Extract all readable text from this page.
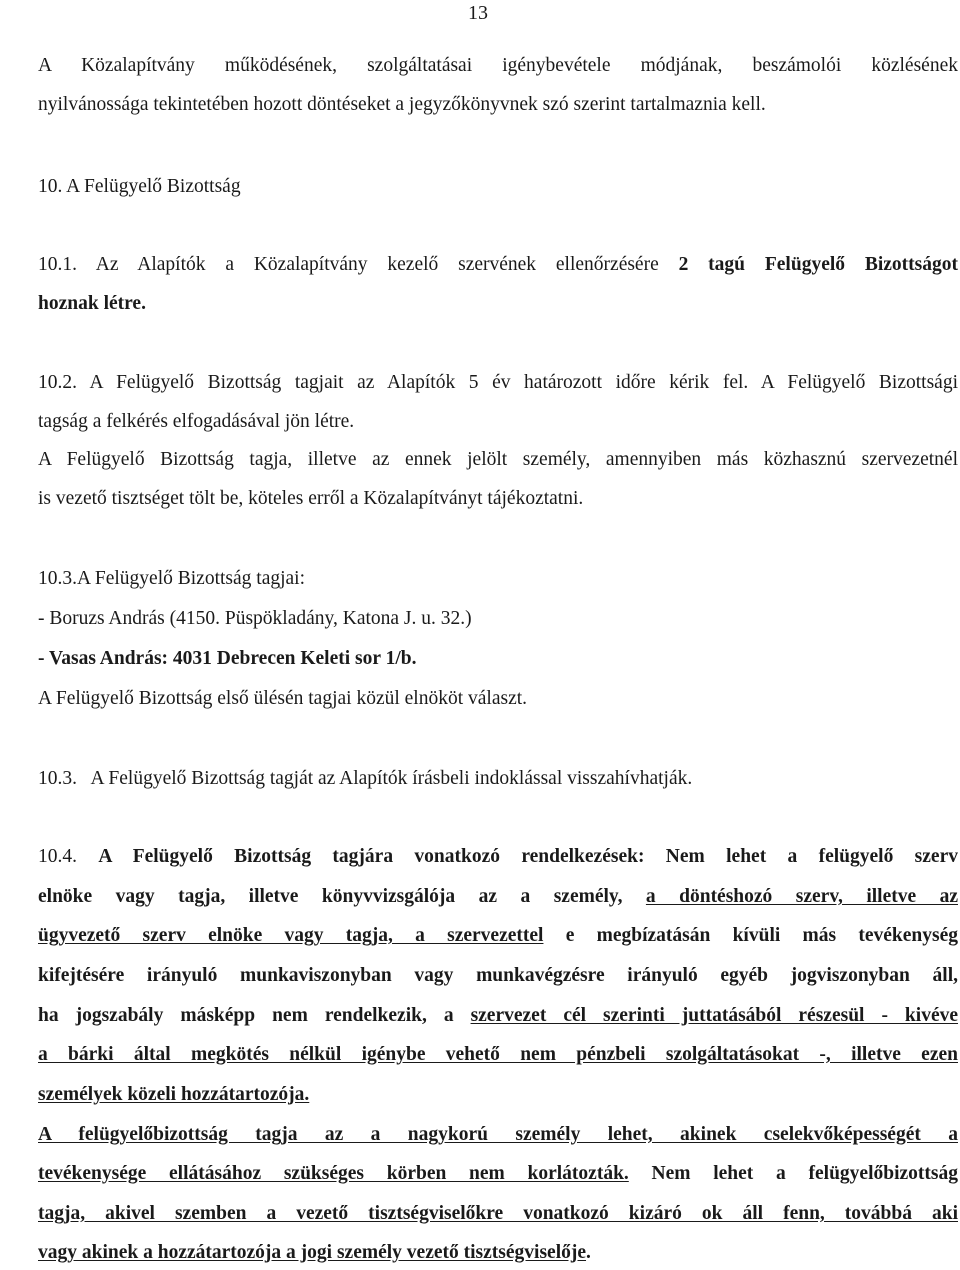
13
A Közalapítvány működésének, szolgáltatásai igénybevétele módjának, beszámolói közlésének
nyilvánossága tekintetében hozott döntéseket a jegyzőkönyvnek szó szerint tartalmaznia kell.
10. A Felügyelő Bizottság
10.1. Az Alapítók a Közalapítvány kezelő szervének ellenőrzésére 2 tagú Felügyelő Bizottságot
hoznak létre.
10.2. A Felügyelő Bizottság tagjait az Alapítók 5 év határozott időre kérik fel. A Felügyelő Bizottsági
tagság a felkérés elfogadásával jön létre.
A Felügyelő Bizottság tagja, illetve az ennek jelölt személy, amennyiben más közhasznú szervezetnél
is vezető tisztséget tölt be, köteles erről a Közalapítványt tájékoztatni.
10.3.A Felügyelő Bizottság tagjai:
- Boruzs András (4150. Püspökladány, Katona J. u. 32.)
- Vasas András: 4031 Debrecen Keleti sor 1/b.
A Felügyelő Bizottság első ülésén tagjai közül elnököt választ.
10.3.   A Felügyelő Bizottság tagját az Alapítók írásbeli indoklással visszahívhatják.
10.4. A Felügyelő Bizottság tagjára vonatkozó rendelkezések: Nem lehet a felügyelő szerv
elnöke vagy tagja, illetve könyvvizsgálója az a személy, a döntéshozó szerv, illetve az
ügyvezető szerv elnöke vagy tagja, a szervezettel e megbízatásán kívüli más tevékenység
kifejtésére irányuló munkaviszonyban vagy munkavégzésre irányuló egyéb jogviszonyban áll,
ha jogszabály másképp nem rendelkezik, a szervezet cél szerinti juttatásából részesül - kivéve
a bárki által megkötés nélkül igénybe vehető nem pénzbeli szolgáltatásokat -, illetve ezen
személyek közeli hozzátartozója.
A felügyelőbizottság tagja az a nagykorú személy lehet, akinek cselekvőképességét a
tevékenysége ellátásához szükséges körben nem korlátozták. Nem lehet a felügyelőbizottság
tagja, akivel szemben a vezető tisztségviselőkre vonatkozó kizáró ok áll fenn, továbbá aki
vagy akinek a hozzátartozója a jogi személy vezető tisztségviselője.
